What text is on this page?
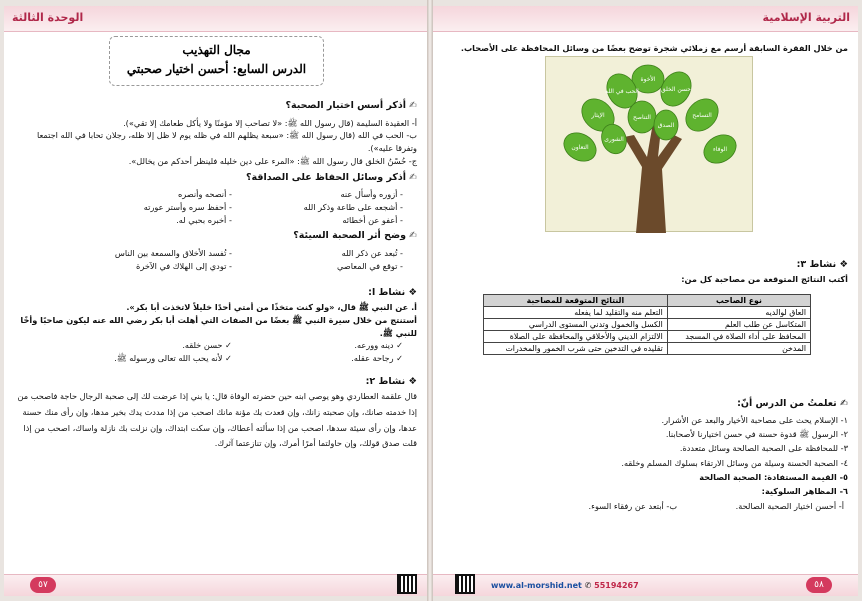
الوحدة الثالثة
مجال التهذيب
الدرس السابع: أحسن اختيار صحبتي
✍أذكر أسس اختيار الصحبة؟
أ- العقيدة السليمة (قال رسول الله ﷺ: «لا تصاحب إلا مؤمنًا ولا يأكل طعامك إلا تقي»).
ب- الحب في الله (قال رسول الله ﷺ: «سبعة يظلهم الله في ظله يوم لا ظل إلا ظله، رجلان تحابا في الله اجتمعا وتفرقا عليه»).
ج- حُسْنُ الخلق قال رسول الله ﷺ: «المرء على دين خليله فلينظر أحدكم من يخالل».
✍أذكر وسائل الحفاظ على الصداقة؟
- أزوره وأسأل عنه
- أنصحه وأنصره
- أشجعه على طاعة وذكر الله
- أحفظ سره وأستر عورته
- أعفو عن أخطائه
- أخبره بحبي له.
✍وضح أثر الصحبة السيئة؟
- تُبعد عن ذكر الله
- تُفسد الأخلاق والسمعة بين الناس
- توقع في المعاصي
- تودي إلى الهلاك في الآخرة
❖ نشاط ا:
أ. عن النبي ﷺ قال، «ولو كنت متخذًا من أمتي أحدًا خليلاً لاتخذت أبا بكر».
أستنتج من خلال سيرة النبي ﷺ بعضًا من الصفات التي أهلت أبا بكر رضي الله عنه ليكون صاحبًا وأخًا للنبي ﷺ.
✓ دينه وورعه.
✓ حسن خلقه.
✓ رجاحة عقله.
✓ لأنه يحب الله تعالى ورسوله ﷺ.
❖ نشاط ٢:
قال علقمة العطاردي وهو يوصي ابنه حين حضرته الوفاة قال: يا بني إذا عرضت لك إلى صحبة الرجال حاجة فاصحب من إذا خدمته صانك، وإن صحبته زانك، وإن قعدت بك مؤنة مانك اصحب من إذا مددت يدك بخير مدها، وإن رأى منك حسنة عدها، وإن رأى سيئة سدها، اصحب من إذا سألته أعطاك، وإن سكت ابتداك، وإن نزلت بك نازلة واساك، اصحب من إذا قلت صدق قولك، وإن حاولتما أمرًا أمرك، وإن تنازعتما آثرك.
٥٧
التربية الإسلامية
من خلال الفقرة السابقة أرسم مع زملائي شجرة توضح بعضًا من وسائل المحافظة على الأصحاب.
الأخوة
الحب في الله	حسن الخلق
الإيثار	التسامح
التعاون	الوفاء
التناصح
الصدق
الشورى
❖ نشاط ٣:
أكتب النتائج المتوقعة من مصاحبة كل من:
نوع الصاحب	النتائج المتوقعة للمصاحبة
العاق لوالديه	التعلم منه والتقليد لما يفعله
المتكاسل عن طلب العلم	الكسل والخمول وتدني المستوى الدراسي
المحافظ على أداء الصلاة في المسجد	الالتزام الديني والأخلاقي والمحافظة على الصلاة
المدخن	تقليده في التدخين حتى شرب الخمور والمخدرات
✍ تعلمتُ من الدرس أنّ:
١- الإسلام يحث على مصاحبة الأخيار والبعد عن الأشرار.
٢- الرسول ﷺ قدوة حسنة في حسن اختيارنا لأصحابنا.
٣- للمحافظة على الصحبة الصالحة وسائل متعددة.
٤- الصحبة الحسنة وسيلة من وسائل الارتقاء بسلوك المسلم وخلقه.
٥- القيمة المستفادة: الصحبة الصالحة
٦- المظاهر السلوكية:
أ- أحسن اختيار الصحبة الصالحة.
ب- أبتعد عن رفقاء السوء.
www.al-morshid.net ✆ 55194267	٥٨
